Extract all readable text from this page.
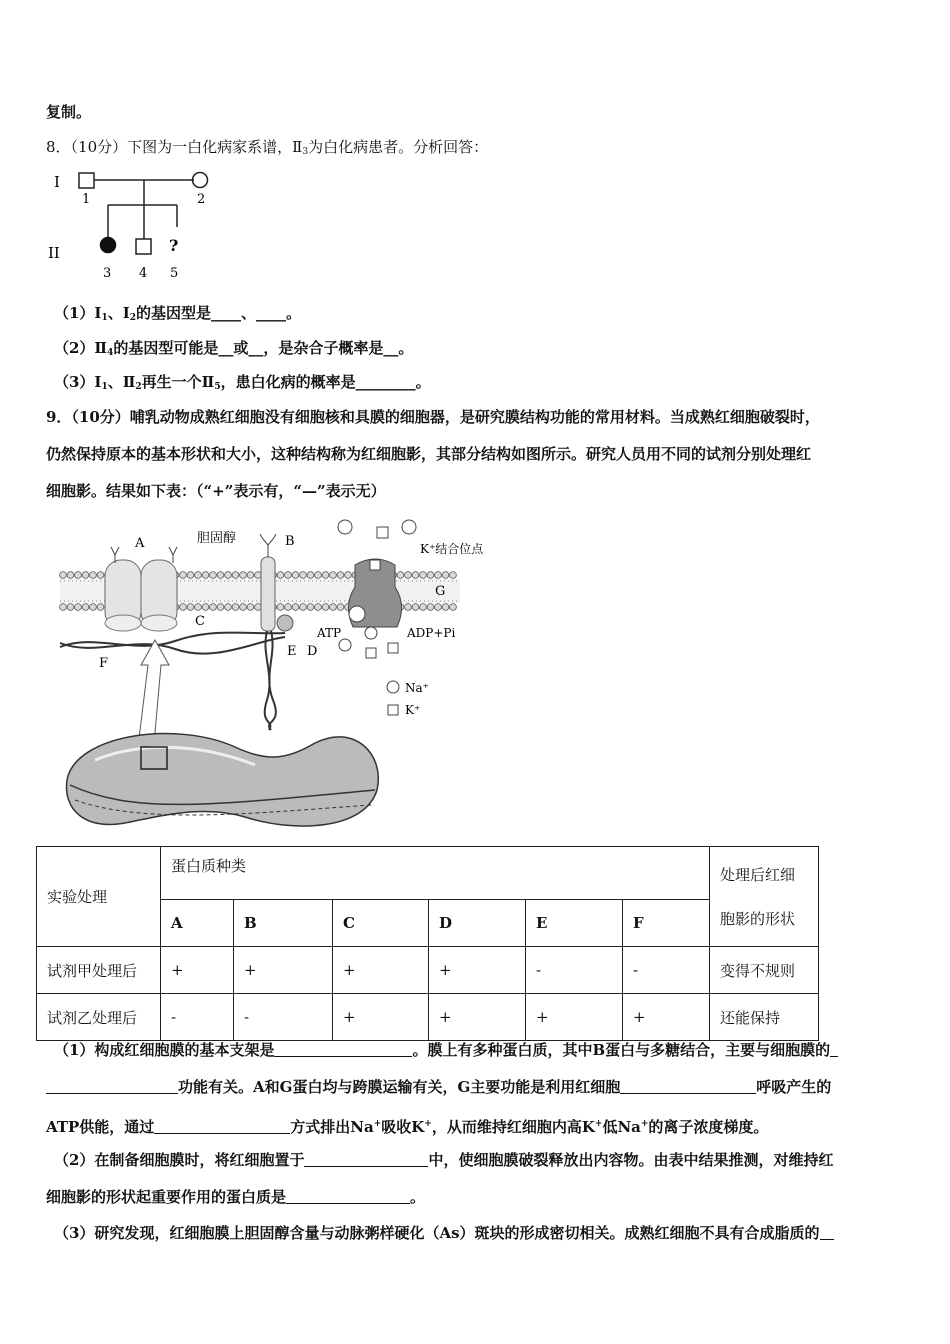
复制。
8．（10分）下图为一白化病家系谱，$Ⅱ_3$为白化病患者。分析回答：
I
1	2
II	?
3 4 5
$(1)Ⅰ_1$、$Ⅰ_2$的基因型是____、____。
$(2)Ⅱ_4$的基因型可能是__或__，是杂合子概率是__。
$(3)Ⅰ_1$、$Ⅱ_2$再生一个$Ⅱ_5$，患白化病的概率是________。
9．（10分）哺乳动物成熟红细胞没有细胞核和具膜的细胞器，是研究膜结构功能的常用材料。当成熟红细胞破裂时，
仍然保持原本的基本形状和大小，这种结构称为红细胞影，其部分结构如图所示。研究人员用不同的试剂分别处理红
细胞影。结果如下表：（“+”表示有，“—”表示无）
A	胆固醇
C
B
E D
F
K⁺结合位点
G
ATP	ADP+Pi
Na⁺
K⁺
实验处理	蛋白质种类						处理后红细
胞影的形状

	A	B	C	D	E	F	
试剂甲处理后	+	+	+	+	-	-	变得不规则
试剂乙处理后	-	-	+	+	+	+	还能保持
（1）构成红细胞膜的基本支架是	。膜上有多种蛋白质，其中B蛋白与多糖结合，主要与细胞膜的
功能有关。A和G蛋白均与跨膜运输有关，G主要功能是利用红细胞	呼吸产生的
ATP供能，通过	方式排出Na+吸收K+，从而维持红细胞内高K+低Na+的离子浓度梯度。
（2）在制备细胞膜时，将红细胞置于	中，使细胞膜破裂释放出内容物。由表中结果推测，对维持红
细胞影的形状起重要作用的蛋白质是	。
（3）研究发现，红细胞膜上胆固醇含量与动脉粥样硬化（As）斑块的形成密切相关。成熟红细胞不具有合成脂质的
